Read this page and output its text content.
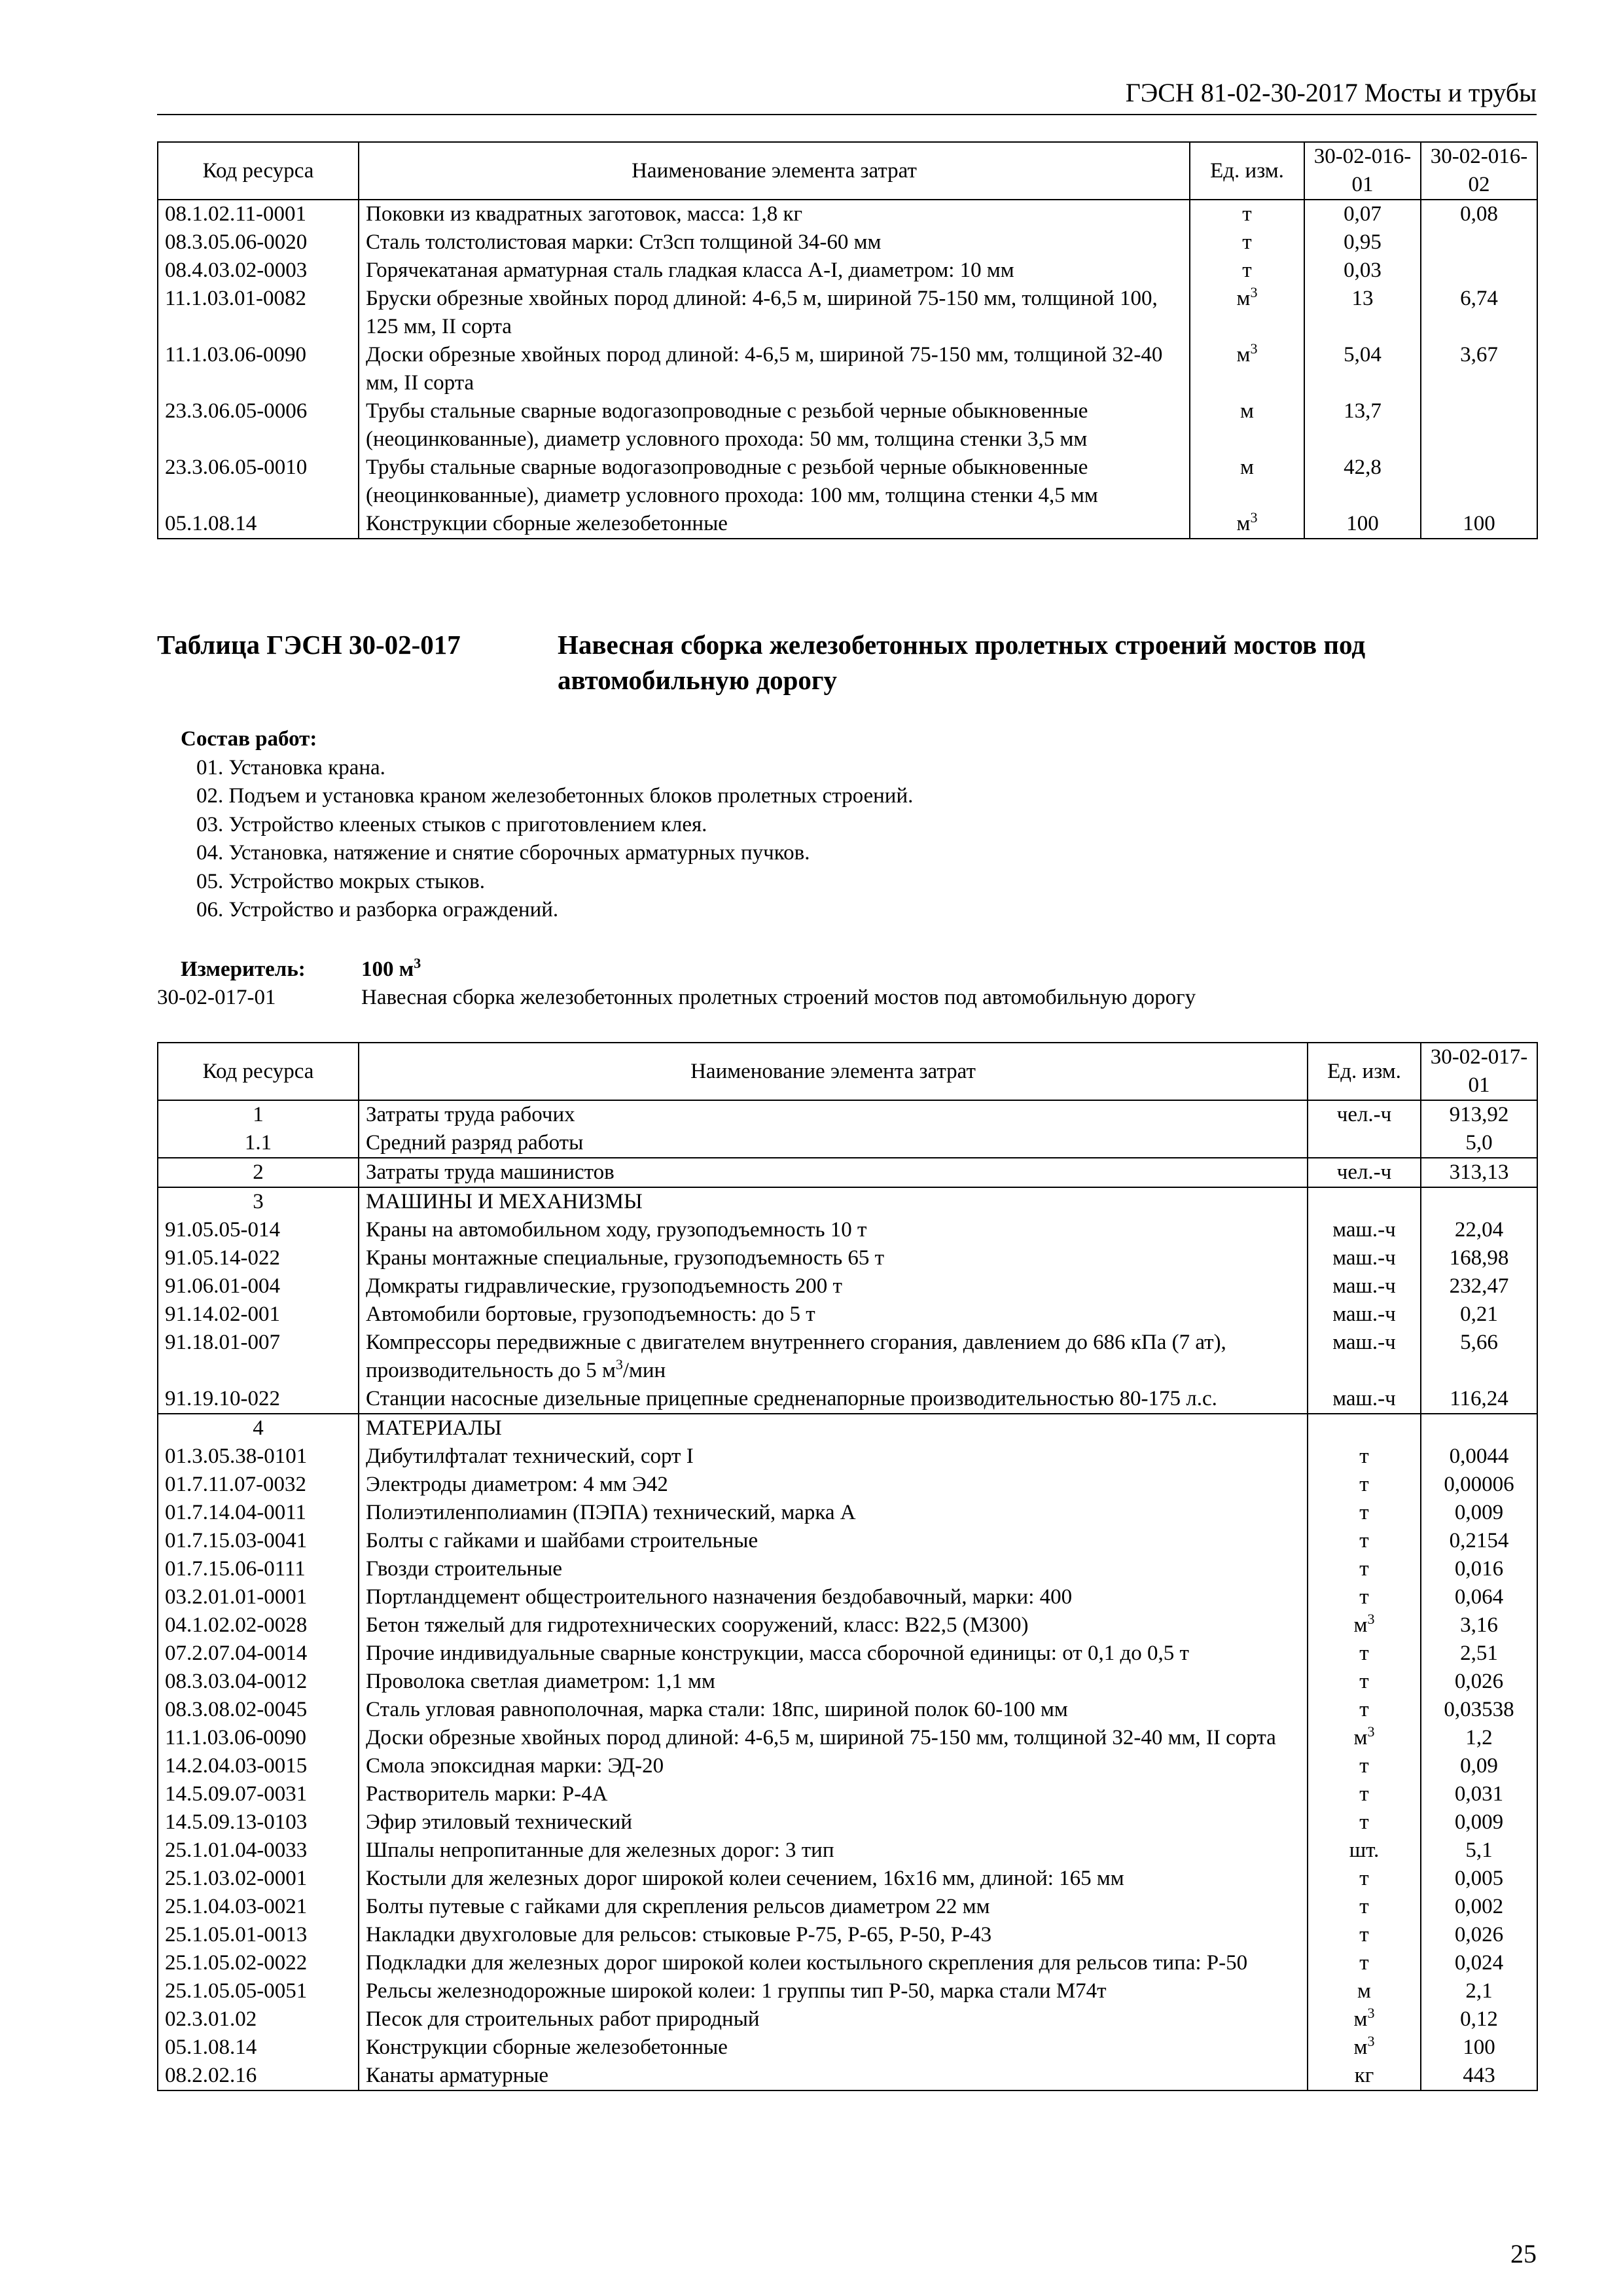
ГЭСН 81-02-30-2017 Мосты и трубы
Код ресурса	Наименование элемента затрат	Ед. изм.	30-02-016-01	30-02-016-02
08.1.02.11-0001	Поковки из квадратных заготовок, масса: 1,8 кг	т	0,07	0,08
08.3.05.06-0020	Сталь толстолистовая марки: Ст3сп толщиной 34-60 мм	т	0,95	
08.4.03.02-0003	Горячекатаная арматурная сталь гладкая класса А-I, диаметром: 10 мм	т	0,03	
11.1.03.01-0082	Бруски обрезные хвойных пород длиной: 4-6,5 м, шириной 75-150 мм, толщиной 100, 125 мм, II сорта	$м^3$	13	6,74
11.1.03.06-0090	Доски обрезные хвойных пород длиной: 4-6,5 м, шириной 75-150 мм, толщиной 32-40 мм, II сорта	$м^3$	5,04	3,67
23.3.06.05-0006	Трубы стальные сварные водогазопроводные с резьбой черные обыкновенные (неоцинкованные), диаметр условного прохода: 50 мм, толщина стенки 3,5 мм	м	13,7	
23.3.06.05-0010	Трубы стальные сварные водогазопроводные с резьбой черные обыкновенные (неоцинкованные), диаметр условного прохода: 100 мм, толщина стенки 4,5 мм	м	42,8	
05.1.08.14	Конструкции сборные железобетонные	$м^3$	100	100
Таблица ГЭСН 30-02-017	Навесная сборка железобетонных пролетных строений мостов под автомобильную дорогу
Состав работ:
01. Установка крана.
02. Подъем и установка краном железобетонных блоков пролетных строений.
03. Устройство клееных стыков с приготовлением клея.
04. Установка, натяжение и снятие сборочных арматурных пучков.
05. Устройство мокрых стыков.
06. Устройство и разборка ограждений.
Измеритель:	100 $м^3$
30-02-017-01	Навесная сборка железобетонных пролетных строений мостов под автомобильную дорогу
Код ресурса	Наименование элемента затрат	Ед. изм.	30-02-017-01
1	Затраты труда рабочих	чел.-ч	913,92
1.1	Средний разряд работы		5,0
2	Затраты труда машинистов	чел.-ч	313,13
3	МАШИНЫ И МЕХАНИЗМЫ		
91.05.05-014	Краны на автомобильном ходу, грузоподъемность 10 т	маш.-ч	22,04
91.05.14-022	Краны монтажные специальные, грузоподъемность 65 т	маш.-ч	168,98
91.06.01-004	Домкраты гидравлические, грузоподъемность 200 т	маш.-ч	232,47
91.14.02-001	Автомобили бортовые, грузоподъемность: до 5 т	маш.-ч	0,21
91.18.01-007	Компрессоры передвижные с двигателем внутреннего сгорания, давлением до 686 кПа (7 ат), производительность до 5 $м^3$/мин	маш.-ч	5,66
91.19.10-022	Станции насосные дизельные прицепные средненапорные производительностью 80-175 л.с.	маш.-ч	116,24
4	МАТЕРИАЛЫ		
01.3.05.38-0101	Дибутилфталат технический, сорт I	т	0,0044
01.7.11.07-0032	Электроды диаметром: 4 мм Э42	т	0,00006
01.7.14.04-0011	Полиэтиленполиамин (ПЭПА) технический, марка А	т	0,009
01.7.15.03-0041	Болты с гайками и шайбами строительные	т	0,2154
01.7.15.06-0111	Гвозди строительные	т	0,016
03.2.01.01-0001	Портландцемент общестроительного назначения бездобавочный, марки: 400	т	0,064
04.1.02.02-0028	Бетон тяжелый для гидротехнических сооружений, класс: В22,5 (М300)	$м^3$	3,16
07.2.07.04-0014	Прочие индивидуальные сварные конструкции, масса сборочной единицы: от 0,1 до 0,5 т	т	2,51
08.3.03.04-0012	Проволока светлая диаметром: 1,1 мм	т	0,026
08.3.08.02-0045	Сталь угловая равнополочная, марка стали: 18пс, шириной полок 60-100 мм	т	0,03538
11.1.03.06-0090	Доски обрезные хвойных пород длиной: 4-6,5 м, шириной 75-150 мм, толщиной 32-40 мм, II сорта	$м^3$	1,2
14.2.04.03-0015	Смола эпоксидная марки: ЭД-20	т	0,09
14.5.09.07-0031	Растворитель марки: Р-4А	т	0,031
14.5.09.13-0103	Эфир этиловый технический	т	0,009
25.1.01.04-0033	Шпалы непропитанные для железных дорог: 3 тип	шт.	5,1
25.1.03.02-0001	Костыли для железных дорог широкой колеи сечением, 16х16 мм, длиной: 165 мм	т	0,005
25.1.04.03-0021	Болты путевые с гайками для скрепления рельсов диаметром 22 мм	т	0,002
25.1.05.01-0013	Накладки двухголовые для рельсов: стыковые Р-75, Р-65, Р-50, Р-43	т	0,026
25.1.05.02-0022	Подкладки для железных дорог широкой колеи костыльного скрепления для рельсов типа: Р-50	т	0,024
25.1.05.05-0051	Рельсы железнодорожные широкой колеи: 1 группы тип Р-50, марка стали М74т	м	2,1
02.3.01.02	Песок для строительных работ природный	$м^3$	0,12
05.1.08.14	Конструкции сборные железобетонные	$м^3$	100
08.2.02.16	Канаты арматурные	кг	443
25
